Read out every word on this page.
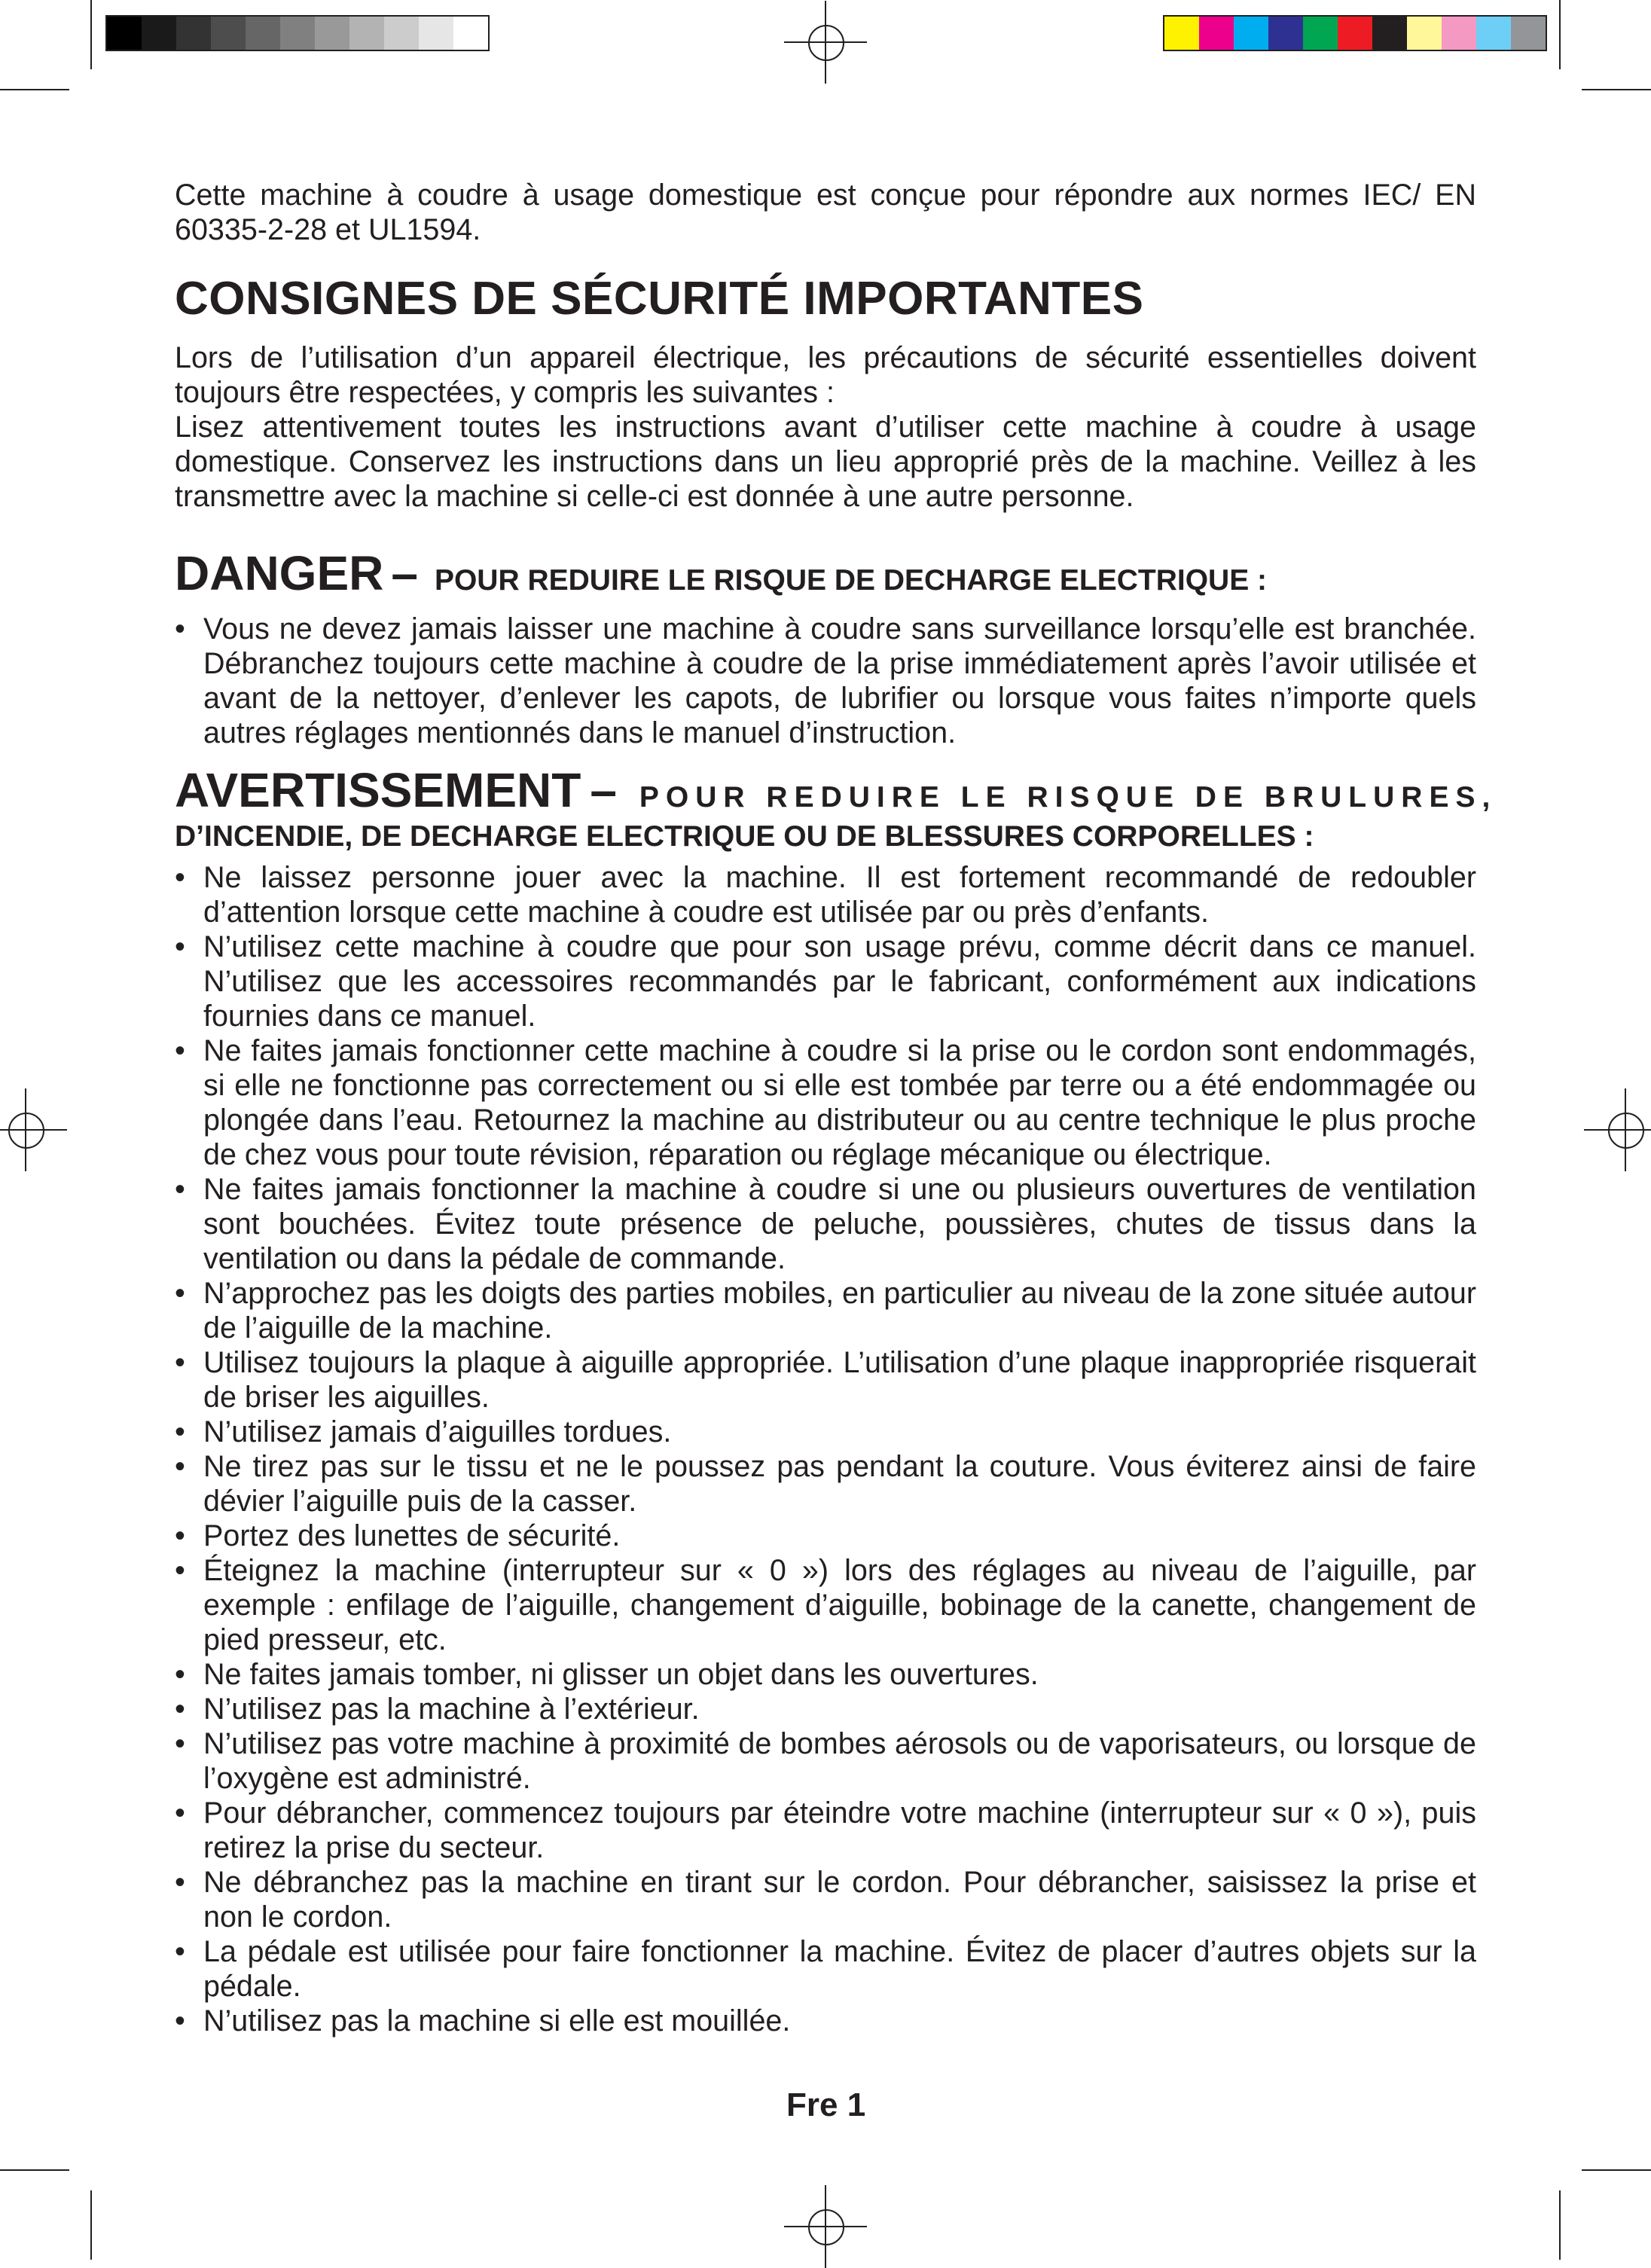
Cette machine à coudre à usage domestique est conçue pour répondre aux normes IEC/ EN 60335-2-28 et UL1594.

CONSIGNES DE SÉCURITÉ IMPORTANTES

Lors de l’utilisation d’un appareil électrique, les précautions de sécurité essentielles doivent toujours être respectées, y compris les suivantes :

Lisez attentivement toutes les instructions avant d’utiliser cette machine à coudre à usage domestique. Conservez les instructions dans un lieu approprié près de la machine. Veillez à les transmettre avec la machine si celle-ci est donnée à une autre personne.

DANGER – POUR REDUIRE LE RISQUE DE DECHARGE ELECTRIQUE :
• Vous ne devez jamais laisser une machine à coudre sans surveillance lorsqu’elle est branchée. Débranchez toujours cette machine à coudre de la prise immédiatement après l’avoir utilisée et avant de la nettoyer, d’enlever les capots, de lubrifier ou lorsque vous faites n’importe quels autres réglages mentionnés dans le manuel d’instruction.
AVERTISSEMENT – POUR REDUIRE LE RISQUE DE BRULURES,
D’INCENDIE, DE DECHARGE ELECTRIQUE OU DE BLESSURES CORPORELLES :
• Ne laissez personne jouer avec la machine. Il est fortement recommandé de redoubler d’attention lorsque cette machine à coudre est utilisée par ou près d’enfants.
• N’utilisez cette machine à coudre que pour son usage prévu, comme décrit dans ce manuel. N’utilisez que les accessoires recommandés par le fabricant, conformément aux indications fournies dans ce manuel.
• Ne faites jamais fonctionner cette machine à coudre si la prise ou le cordon sont endommagés, si elle ne fonctionne pas correctement ou si elle est tombée par terre ou a été endommagée ou plongée dans l’eau. Retournez la machine au distributeur ou au centre technique le plus proche de chez vous pour toute révision, réparation ou réglage mécanique ou électrique.
• Ne faites jamais fonctionner la machine à coudre si une ou plusieurs ouvertures de ventilation sont bouchées. Évitez toute présence de peluche, poussières, chutes de tissus dans la ventilation ou dans la pédale de commande.
• N’approchez pas les doigts des parties mobiles, en particulier au niveau de la zone située autour de l’aiguille de la machine.
• Utilisez toujours la plaque à aiguille appropriée. L’utilisation d’une plaque inappropriée risquerait de briser les aiguilles.
• N’utilisez jamais d’aiguilles tordues.
• Ne tirez pas sur le tissu et ne le poussez pas pendant la couture. Vous éviterez ainsi de faire dévier l’aiguille puis de la casser.
• Portez des lunettes de sécurité.
• Éteignez la machine (interrupteur sur « 0 ») lors des réglages au niveau de l’aiguille, par exemple : enfilage de l’aiguille, changement d’aiguille, bobinage de la canette, changement de pied presseur, etc.
• Ne faites jamais tomber, ni glisser un objet dans les ouvertures.
• N’utilisez pas la machine à l’extérieur.
• N’utilisez pas votre machine à proximité de bombes aérosols ou de vaporisateurs, ou lorsque de l’oxygène est administré.
• Pour débrancher, commencez toujours par éteindre votre machine (interrupteur sur « 0 »), puis retirez la prise du secteur.
• Ne débranchez pas la machine en tirant sur le cordon. Pour débrancher, saisissez la prise et non le cordon.
• La pédale est utilisée pour faire fonctionner la machine. Évitez de placer d’autres objets sur la pédale.
• N’utilisez pas la machine si elle est mouillée.
Fre 1
